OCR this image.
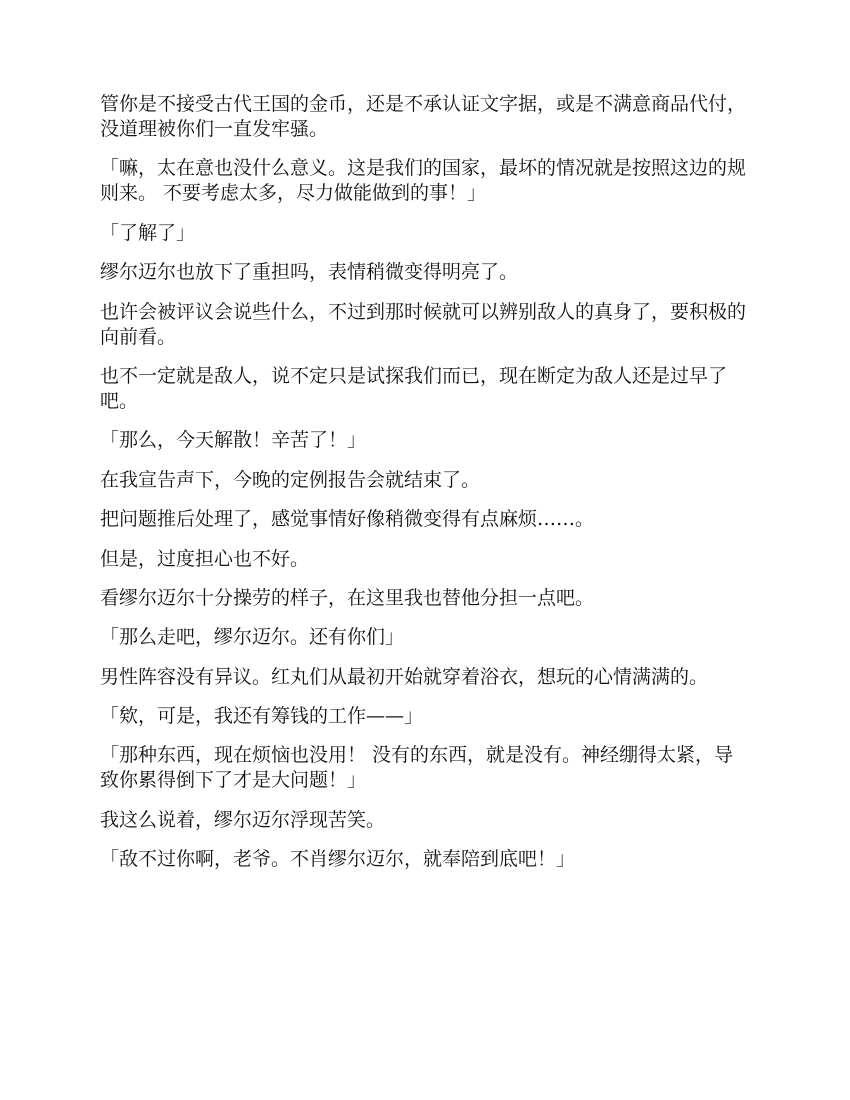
管你是不接受古代王国的金币，还是不承认证文字据，或是不满意商品代付，没道理被你们一直发牢骚。

「嘛，太在意也没什么意义。这是我们的国家，最坏的情况就是按照这边的规则来。 不要考虑太多，尽力做能做到的事！」

「了解了」

缪尔迈尔也放下了重担吗，表情稍微变得明亮了。

也许会被评议会说些什么，不过到那时候就可以辨别敌人的真身了，要积极的向前看。

也不一定就是敌人，说不定只是试探我们而已，现在断定为敌人还是过早了吧。

「那么，今天解散！辛苦了！」

在我宣告声下，今晚的定例报告会就结束了。

把问题推后处理了，感觉事情好像稍微变得有点麻烦……。

但是，过度担心也不好。

看缪尔迈尔十分操劳的样子，在这里我也替他分担一点吧。

「那么走吧，缪尔迈尔。还有你们」

男性阵容没有异议。红丸们从最初开始就穿着浴衣，想玩的心情满满的。

「欸，可是，我还有筹钱的工作——」

「那种东西，现在烦恼也没用！ 没有的东西，就是没有。神经绷得太紧，导致你累得倒下了才是大问题！」

我这么说着，缪尔迈尔浮现苦笑。

「敌不过你啊，老爷。不肖缪尔迈尔，就奉陪到底吧！」
